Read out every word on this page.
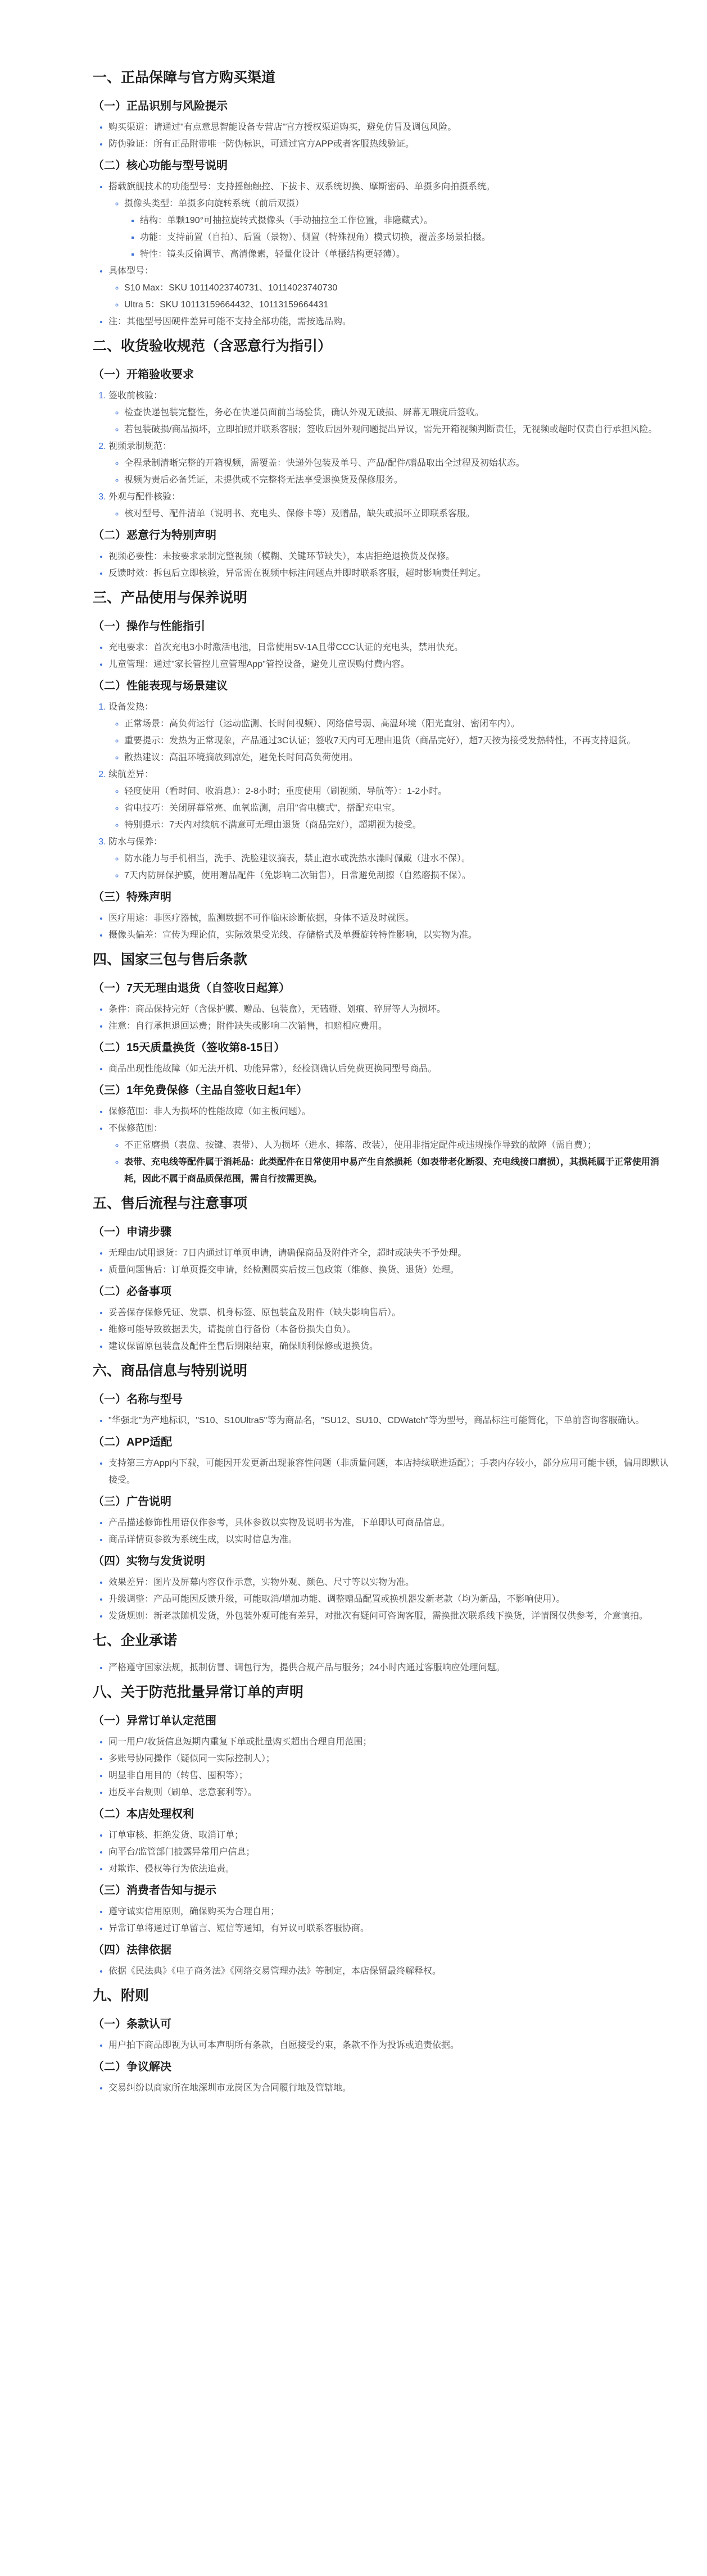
一、正品保障与官方购买渠道
（一）正品识别与风险提示
• 购买渠道：请通过"有点意思智能设备专营店"官方授权渠道购买，避免仿冒及调包风险。
• 防伪验证：所有正品附带唯一防伪标识，可通过官方APP或者客服热线验证。
（二）核心功能与型号说明
• 搭载旗舰技术的功能型号：支持摇触触控、下拔卡、双系统切换、摩斯密码、单摄多向拍摄系统。
◦ 摄像头类型：单摄多向旋转系统（前后双摄）
▪ 结构：单颗190°可抽拉旋转式摄像头（手动抽拉至工作位置，非隐藏式）。
▪ 功能：支持前置（自拍）、后置（景物）、侧置（特殊视角）模式切换，覆盖多场景拍摄。
▪ 特性：镜头反偷调节、高清像素，轻量化设计（单摄结构更轻薄）。
• 具体型号：
◦ S10 Max：SKU 10114023740731、10114023740730
◦ Ultra 5：SKU 10113159664432、10113159664431
• 注：其他型号因硬件差异可能不支持全部功能，需按选品购。
二、收货验收规范（含恶意行为指引）
（一）开箱验收要求
1. 签收前核验：
◦ 检查快递包装完整性，务必在快递员面前当场验货，确认外观无破损、屏幕无瑕疵后签收。
◦ 若包装破损/商品损坏，立即拍照并联系客服；签收后因外观问题提出异议，需先开箱视频判断责任，无视频或超时仅责自行承担风险。
2. 视频录制规范：
◦ 全程录制清晰完整的开箱视频，需覆盖：快递外包装及单号、产品/配件/赠品取出全过程及初始状态。
◦ 视频为责后必备凭证，未提供或不完整将无法享受退换货及保修服务。
3. 外观与配件核验：
◦ 核对型号、配件清单（说明书、充电头、保修卡等）及赠品，缺失或损坏立即联系客服。
（二）恶意行为特别声明
• 视频必要性：未按要求录制完整视频（模糊、关键环节缺失），本店拒绝退换货及保修。
• 反馈时效：拆包后立即核验，异常需在视频中标注问题点并即时联系客服，超时影响责任判定。
三、产品使用与保养说明
（一）操作与性能指引
• 充电要求：首次充电3小时激活电池，日常使用5V-1A且带CCC认证的充电头，禁用快充。
• 儿童管理：通过"家长管控儿童管理App"管控设备，避免儿童误购付费内容。
（二）性能表现与场景建议
1. 设备发热：
◦ 正常场景：高负荷运行（运动监测、长时间视频）、网络信号弱、高温环境（阳光直射、密闭车内）。
◦ 重要提示：发热为正常现象，产品通过3C认证；签收7天内可无理由退货（商品完好），超7天按为接受发热特性，不再支持退货。
◦ 散热建议：高温环境摘放到凉处，避免长时间高负荷使用。
2. 续航差异：
◦ 轻度使用（看时间、收消息）：2-8小时；重度使用（刷视频、导航等）：1-2小时。
◦ 省电技巧：关闭屏幕常亮、血氧监测，启用"省电模式"，搭配充电宝。
◦ 特别提示：7天内对续航不满意可无理由退货（商品完好），超期视为接受。
3. 防水与保养：
◦ 防水能力与手机相当，洗手、洗脸建议摘表，禁止泡水或洗热水澡时佩戴（进水不保）。
◦ 7天内防屏保护膜，使用赠品配件（免影响二次销售），日常避免刮擦（自然磨损不保）。
（三）特殊声明
• 医疗用途：非医疗器械，监测数据不可作临床诊断依据，身体不适及时就医。
• 摄像头偏差：宣传为理论值，实际效果受光线、存储格式及单摄旋转特性影响，以实物为准。
四、国家三包与售后条款
（一）7天无理由退货（自签收日起算）
• 条件：商品保持完好（含保护膜、赠品、包装盒），无磕碰、划痕、碎屏等人为损坏。
• 注意：自行承担退回运费；附件缺失或影响二次销售，扣赔相应费用。
（二）15天质量换货（签收第8-15日）
• 商品出现性能故障（如无法开机、功能异常），经检测确认后免费更换同型号商品。
（三）1年免费保修（主品自签收日起1年）
• 保修范围：非人为损坏的性能故障（如主板问题）。
• 不保修范围：
◦ 不正常磨损（表盘、按键、表带）、人为损坏（进水、摔落、改装），使用非指定配件或违规操作导致的故障（需自费）；
◦ 表带、充电线等配件属于消耗品：此类配件在日常使用中易产生自然损耗（如表带老化断裂、充电线接口磨损），其损耗属于正常使用消耗，因此不属于商品质保范围，需自行按需更换。
五、售后流程与注意事项
（一）申请步骤
• 无理由/试用退货：7日内通过订单页申请，请确保商品及附件齐全，超时或缺失不予处理。
• 质量问题售后：订单页提交申请，经检测属实后按三包政策（维修、换货、退货）处理。
（二）必备事项
• 妥善保存保修凭证、发票、机身标签、原包装盒及附件（缺失影响售后）。
• 维修可能导致数据丢失，请提前自行备份（本备份损失自负）。
• 建议保留原包装盒及配件至售后期限结束，确保顺利保修或退换货。
六、商品信息与特别说明
（一）名称与型号
• "华强北"为产地标识，"S10、S10Ultra5"等为商品名，"SU12、SU10、CDWatch"等为型号，商品标注可能简化，下单前咨询客服确认。
（二）APP适配
• 支持第三方App内下载，可能因开发更新出现兼容性问题（非质量问题，本店持续联进适配）；手表内存较小，部分应用可能卡顿，偏用即默认接受。
（三）广告说明
• 产品描述修饰性用语仅作参考，具体参数以实物及说明书为准，下单即认可商品信息。
• 商品详情页参数为系统生成，以实时信息为准。
（四）实物与发货说明
• 效果差异：图片及屏幕内容仅作示意，实物外观、颜色、尺寸等以实物为准。
• 升级调整：产品可能因反馈升级，可能取消/增加功能、调整赠品配置或换机器发新老款（均为新品，不影响使用）。
• 发货规则：新老款随机发货，外包装外观可能有差异，对批次有疑问可咨询客服，需换批次联系线下换货，详情图仅供参考，介意慎拍。
七、企业承诺
• 严格遵守国家法规，抵制仿冒、调包行为，提供合规产品与服务；24小时内通过客服响应处理问题。
八、关于防范批量异常订单的声明
（一）异常订单认定范围
• 同一用户/收货信息短期内重复下单或批量购买超出合理自用范围；
• 多账号协同操作（疑似同一实际控制人）；
• 明显非自用目的（转售、囤积等）；
• 违反平台规则（刷单、恶意套利等）。
（二）本店处理权利
• 订单审核、拒绝发货、取消订单；
• 向平台/监管部门披露异常用户信息；
• 对欺诈、侵权等行为依法追责。
（三）消费者告知与提示
• 遵守诚实信用原则，确保购买为合理自用；
• 异常订单将通过订单留言、短信等通知，有异议可联系客服协商。
（四）法律依据
• 依据《民法典》《电子商务法》《网络交易管理办法》等制定，本店保留最终解释权。
九、附则
（一）条款认可
• 用户拍下商品即视为认可本声明所有条款，自愿接受约束，条款不作为投诉或追责依据。
（二）争议解决
• 交易纠纷以商家所在地深圳市龙岗区为合同履行地及管辖地。
